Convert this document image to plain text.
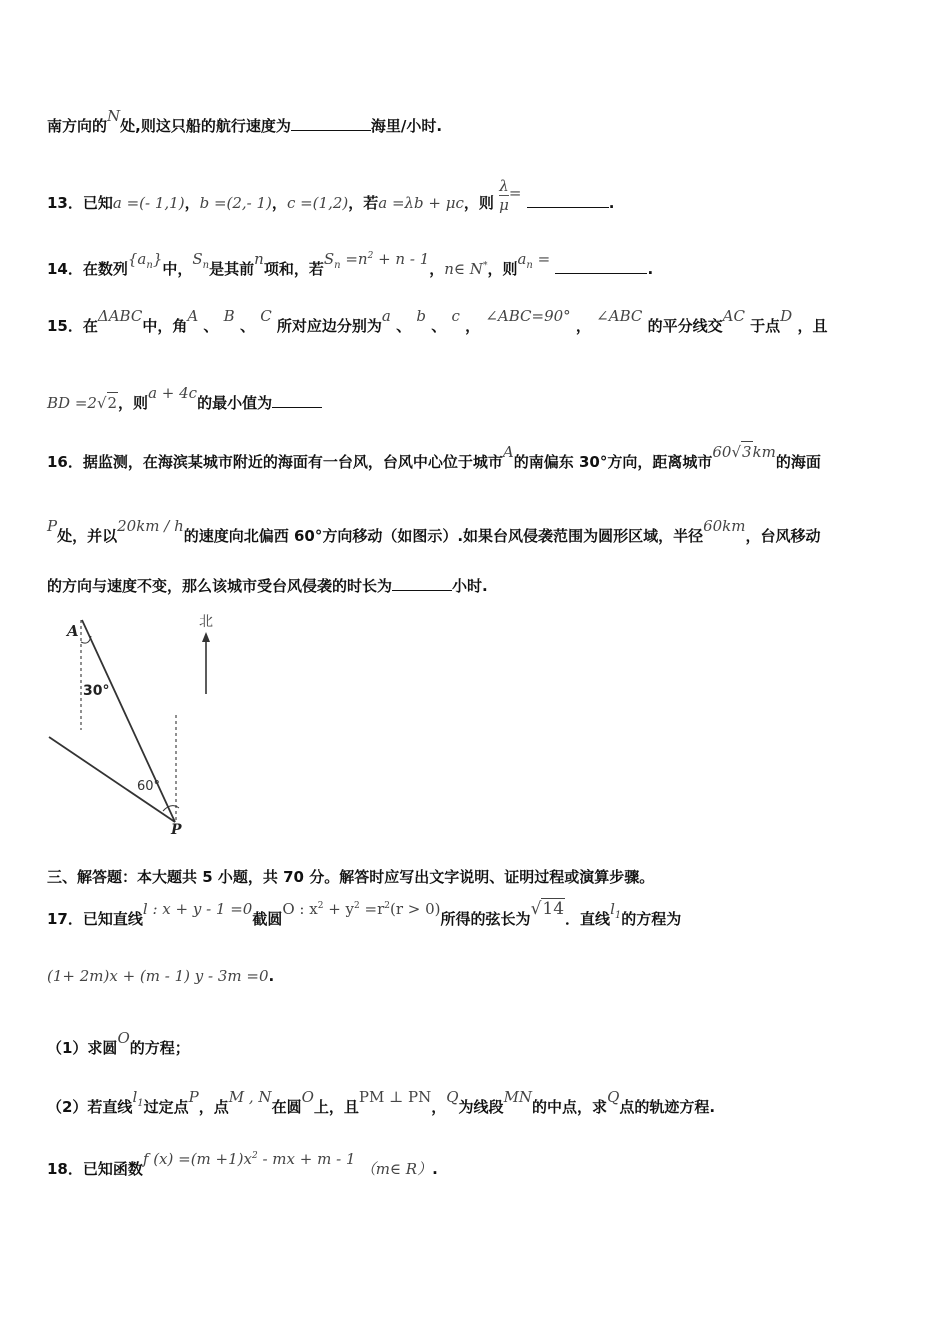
南方向的N处,则这只船的航行速度为	海里/小时.
13．已知a =(- 1,1)，b =(2,- 1)，c =(1,2)，若a =λb + μc，则 $\frac{\lambda}{\mu}$ = .
14．在数列$\{a_n\}$中，$S_n$是其前n项和，若$S_n =n^2 + n - 1$，n∈ N*，则$a_n$ = .
15．在ΔABC中，角A 、 B 、 C 所对应边分别为a 、 b 、 c ， ∠ABC=90° ， ∠ABC 的平分线交AC 于点D ，且
BD =2√2，则a + 4c的最小值为
16．据监测，在海滨某城市附近的海面有一台风，台风中心位于城市A的南偏东 30°方向，距离城市60√3km的海面
P处，并以20km / h的速度向北偏西 60°方向移动（如图示）.如果台风侵袭范围为圆形区域，半径60km，台风移动
的方向与速度不变，那么该城市受台风侵袭的时长为	小时.
A
P
北
30°
60°
三、解答题：本大题共 5 小题，共 70 分。解答时应写出文字说明、证明过程或演算步骤。
17．已知直线l : x + y - 1 =0截圆O : $x^2 + y^2 =r^2(r > 0)$所得的弦长为√14．直线$l_1$的方程为
(1+ 2m)x + (m - 1) y - 3m =0.
（1）求圆O的方程；
（2）若直线$l_1$过定点P，点M , N在圆O上，且PM ⊥ PN，Q为线段MN的中点，求Q点的轨迹方程.
18．已知函数f $(x) =(m +1)x^2$ - mx + m - 1 （m∈ R）.
